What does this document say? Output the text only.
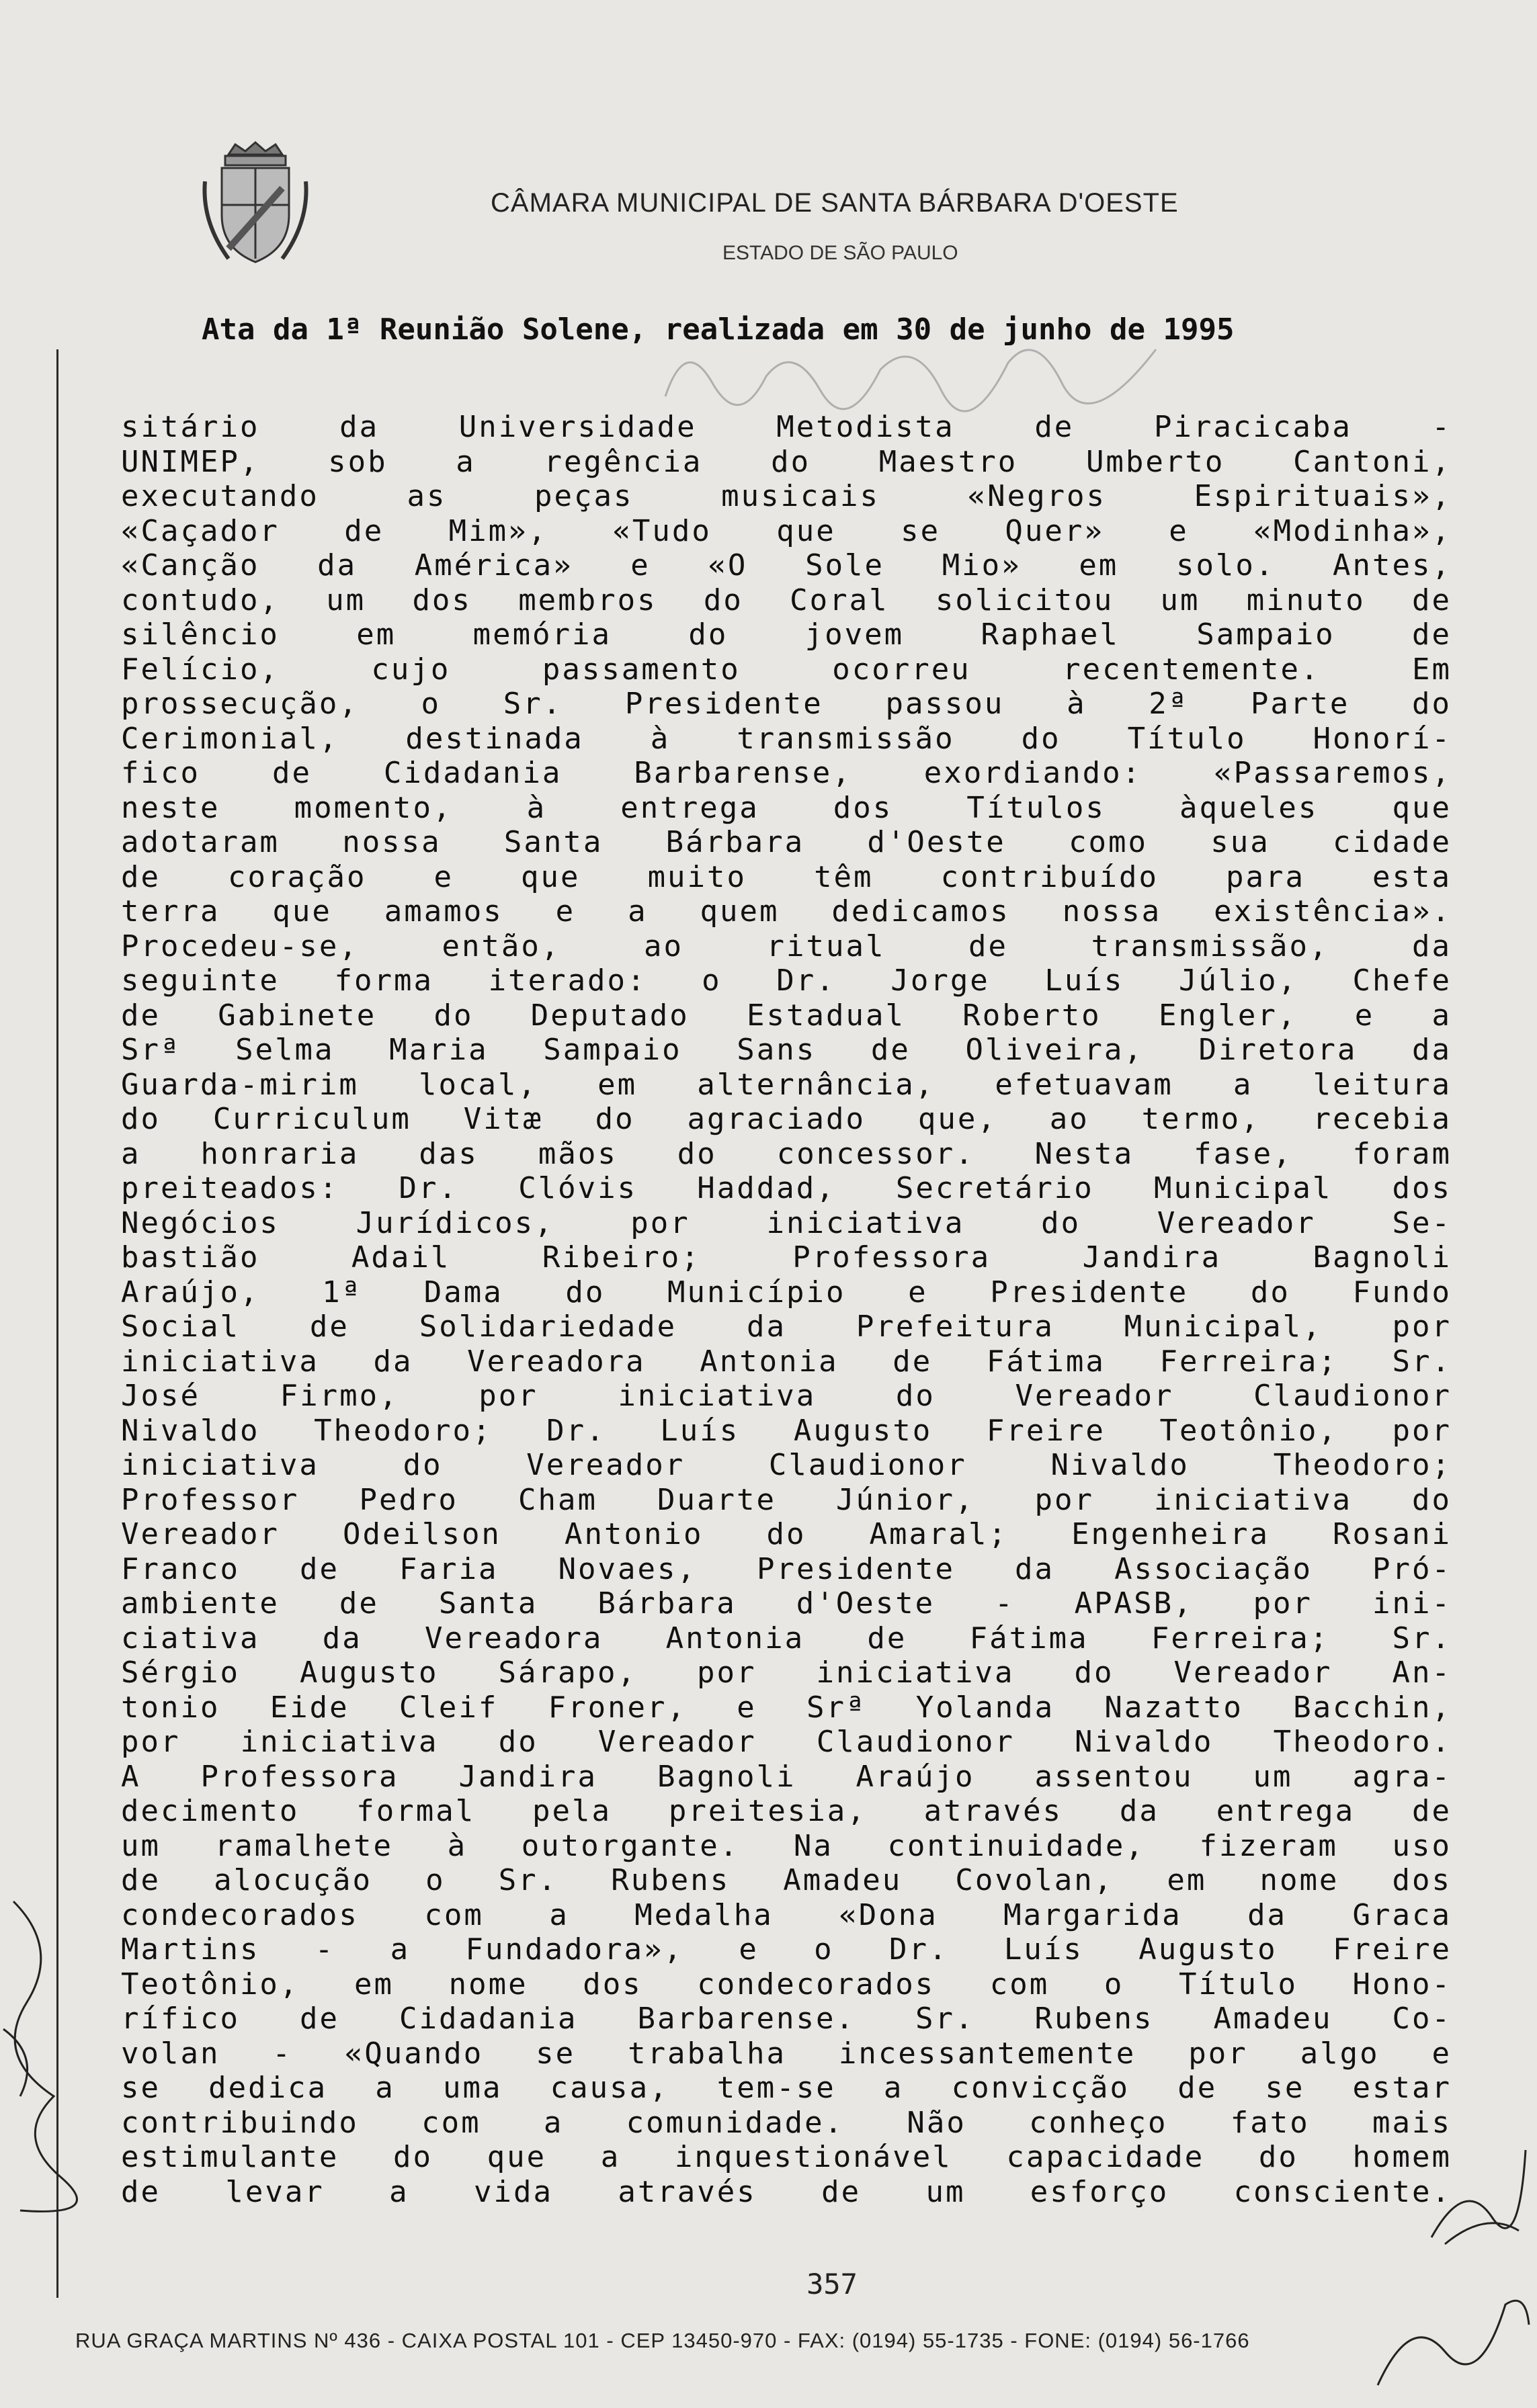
CÂMARA MUNICIPAL DE SANTA BÁRBARA D'OESTE
ESTADO DE SÃO PAULO
Ata da 1ª Reunião Solene, realizada em 30 de junho de 1995
sitário da Universidade Metodista de Piracicaba -
UNIMEP, sob a regência do Maestro Umberto Cantoni,
executando as peças musicais «Negros Espirituais»,
«Caçador de Mim», «Tudo que se Quer» e «Modinha»,
«Canção da América» e «O Sole Mio» em solo. Antes,
contudo, um dos membros do Coral solicitou um minuto de
silêncio em memória do jovem Raphael Sampaio de
Felício, cujo passamento ocorreu recentemente. Em
prossecução, o Sr. Presidente passou à 2ª Parte do
Cerimonial, destinada à transmissão do Título Honorí-
fico de Cidadania Barbarense, exordiando: «Passaremos,
neste momento, à entrega dos Títulos àqueles que
adotaram nossa Santa Bárbara d'Oeste como sua cidade
de coração e que muito têm contribuído para esta
terra que amamos e a quem dedicamos nossa existência».
Procedeu-se, então, ao ritual de transmissão, da
seguinte forma iterado: o Dr. Jorge Luís Júlio, Chefe
de Gabinete do Deputado Estadual Roberto Engler, e a
Srª Selma Maria Sampaio Sans de Oliveira, Diretora da
Guarda-mirim local, em alternância, efetuavam a leitura
do Curriculum Vitæ do agraciado que, ao termo, recebia
a honraria das mãos do concessor. Nesta fase, foram
preiteados: Dr. Clóvis Haddad, Secretário Municipal dos
Negócios Jurídicos, por iniciativa do Vereador Se-
bastião Adail Ribeiro; Professora Jandira Bagnoli
Araújo, 1ª Dama do Município e Presidente do Fundo
Social de Solidariedade da Prefeitura Municipal, por
iniciativa da Vereadora Antonia de Fátima Ferreira; Sr.
José Firmo, por iniciativa do Vereador Claudionor
Nivaldo Theodoro; Dr. Luís Augusto Freire Teotônio, por
iniciativa do Vereador Claudionor Nivaldo Theodoro;
Professor Pedro Cham Duarte Júnior, por iniciativa do
Vereador Odeilson Antonio do Amaral; Engenheira Rosani
Franco de Faria Novaes, Presidente da Associação Pró-
ambiente de Santa Bárbara d'Oeste - APASB, por ini-
ciativa da Vereadora Antonia de Fátima Ferreira; Sr.
Sérgio Augusto Sárapo, por iniciativa do Vereador An-
tonio Eide Cleif Froner, e Srª Yolanda Nazatto Bacchin,
por iniciativa do Vereador Claudionor Nivaldo Theodoro.
A Professora Jandira Bagnoli Araújo assentou um agra-
decimento formal pela preitesia, através da entrega de
um ramalhete à outorgante. Na continuidade, fizeram uso
de alocução o Sr. Rubens Amadeu Covolan, em nome dos
condecorados com a Medalha «Dona Margarida da Graca
Martins - a Fundadora», e o Dr. Luís Augusto Freire
Teotônio, em nome dos condecorados com o Título Hono-
rífico de Cidadania Barbarense. Sr. Rubens Amadeu Co-
volan - «Quando se trabalha incessantemente por algo e
se dedica a uma causa, tem-se a convicção de se estar
contribuindo com a comunidade. Não conheço fato mais
estimulante do que a inquestionável capacidade do homem
de levar a vida através de um esforço consciente.
357
RUA GRAÇA MARTINS Nº 436 - CAIXA POSTAL 101 - CEP 13450-970 - FAX: (0194) 55-1735 - FONE: (0194) 56-1766
